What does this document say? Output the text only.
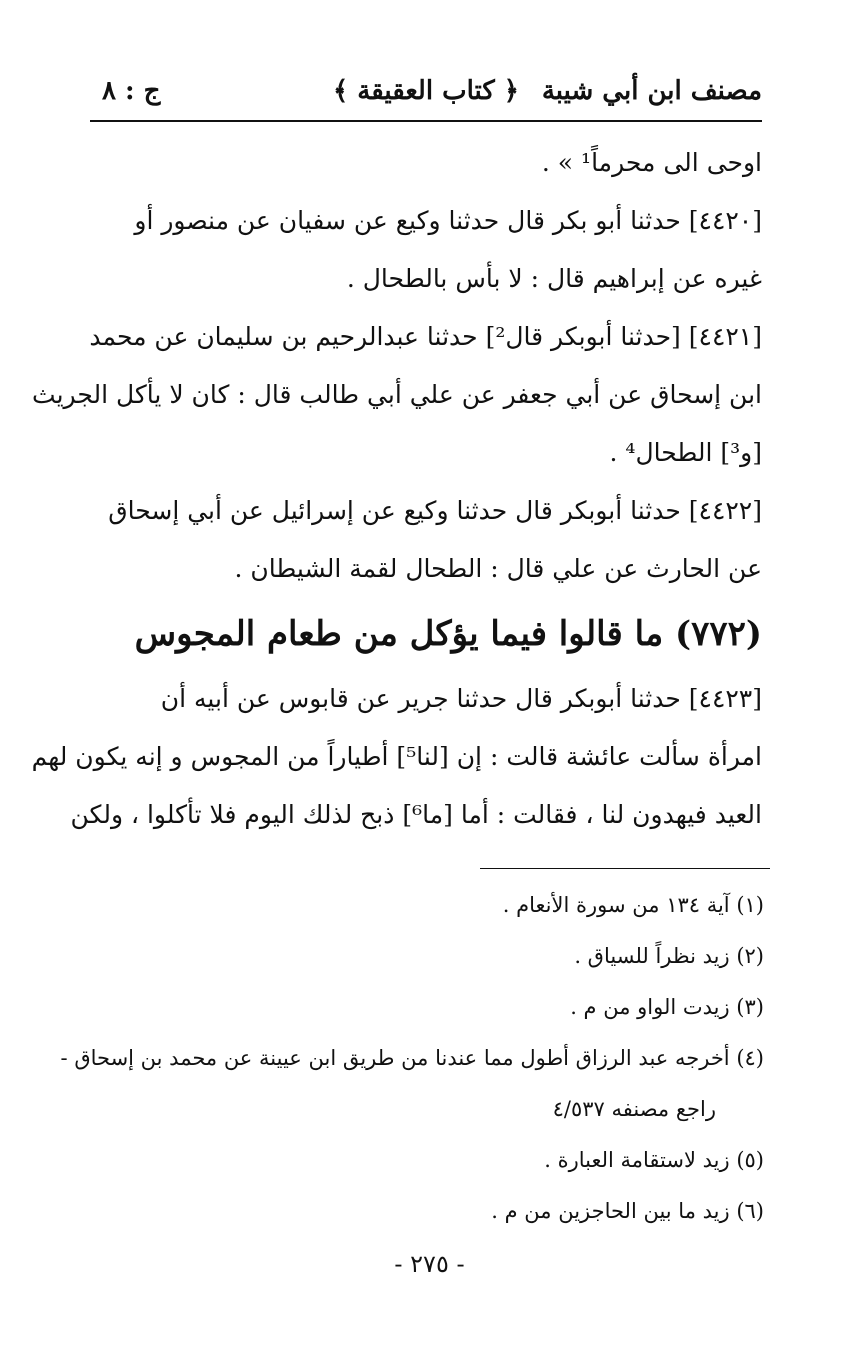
مصنف ابن أبي شيبة
﴿ كتاب العقيقة ﴾
ج : ٨
اوحى الى محرماً¹ » .
[٤٤٢٠] حدثنا أبو بكر قال حدثنا وكيع عن سفيان عن منصور أو
غيره عن إبراهيم قال : لا بأس بالطحال .
[٤٤٢١] [حدثنا أبوبكر قال²] حدثنا عبدالرحيم بن سليمان عن محمد
ابن إسحاق عن أبي جعفر عن علي أبي طالب قال : كان لا يأكل الجريث
[و³] الطحال⁴ .
[٤٤٢٢] حدثنا أبوبكر قال حدثنا وكيع عن إسرائيل عن أبي إسحاق
عن الحارث عن علي قال : الطحال لقمة الشيطان .
(٧٧٢) ما قالوا فيما يؤكل من طعام المجوس
[٤٤٢٣] حدثنا أبوبكر قال حدثنا جرير عن قابوس عن أبيه أن
امرأة سألت عائشة قالت : إن [لنا⁵] أطياراً من المجوس و إنه يكون لهم
العيد فيهدون لنا ، فقالت : أما [ما⁶] ذبح لذلك اليوم فلا تأكلوا ، ولكن
(١) آية ١٣٤ من سورة الأنعام .
(٢) زيد نظراً للسياق .
(٣) زيدت الواو من م .
(٤) أخرجه عبد الرزاق أطول مما عندنا من طريق ابن عيينة عن محمد بن إسحاق -
راجع مصنفه ٤/٥٣٧
(٥) زيد لاستقامة العبارة .
(٦) زيد ما بين الحاجزين من م .
- ٢٧٥ -
